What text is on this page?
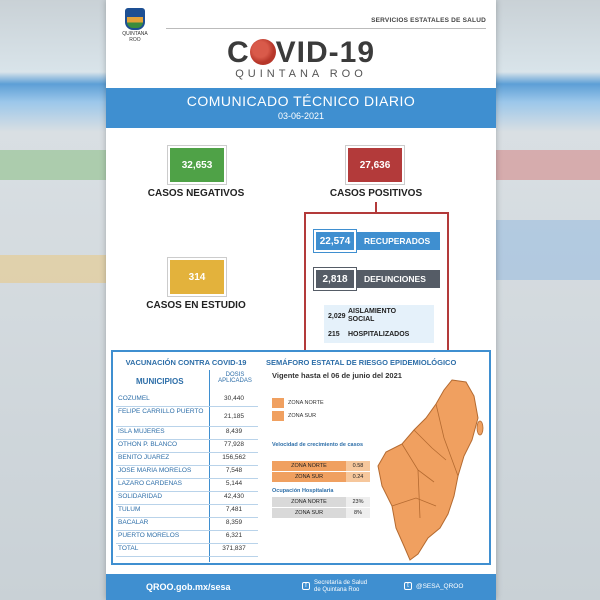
QUINTANA ROO
SERVICIOS ESTATALES DE SALUD
C VID-19
QUINTANA ROO
COMUNICADO TÉCNICO DIARIO
03-06-2021
32,653
CASOS NEGATIVOS
27,636
CASOS POSITIVOS
314
CASOS EN ESTUDIO
22,574	RECUPERADOS
2,818	DEFUNCIONES
2,029
AISLAMIENTO SOCIAL
215 HOSPITALIZADOS
VACUNACIÓN CONTRA COVID-19
MUNICIPIOS
DOSIS APLICADAS
SEMÁFORO ESTATAL DE RIESGO EPIDEMIOLÓGICO
Vigente hasta el 06 de junio del 2021
ZONA NORTE
ZONA SUR
Velocidad de crecimiento de casos
ZONA NORTE	0.58
ZONA SUR	0.24
Ocupación Hospitalaria
ZONA NORTE	23%
ZONA SUR	8%
QROO.gob.mx/sesa	f	Secretaría de Salud
de Quintana Roo
t	@SESA_QROO
COZUMEL	30,440
FELIPE CARRILLO PUERTO
21,185
ISLA MUJERES	8,439
OTHON P. BLANCO	77,928
BENITO JUAREZ	156,562
JOSE MARIA MORELOS	7,548
LAZARO CARDENAS	5,144
SOLIDARIDAD	42,430
TULUM	7,481
BACALAR	8,359
PUERTO MORELOS	6,321
TOTAL	371,837
